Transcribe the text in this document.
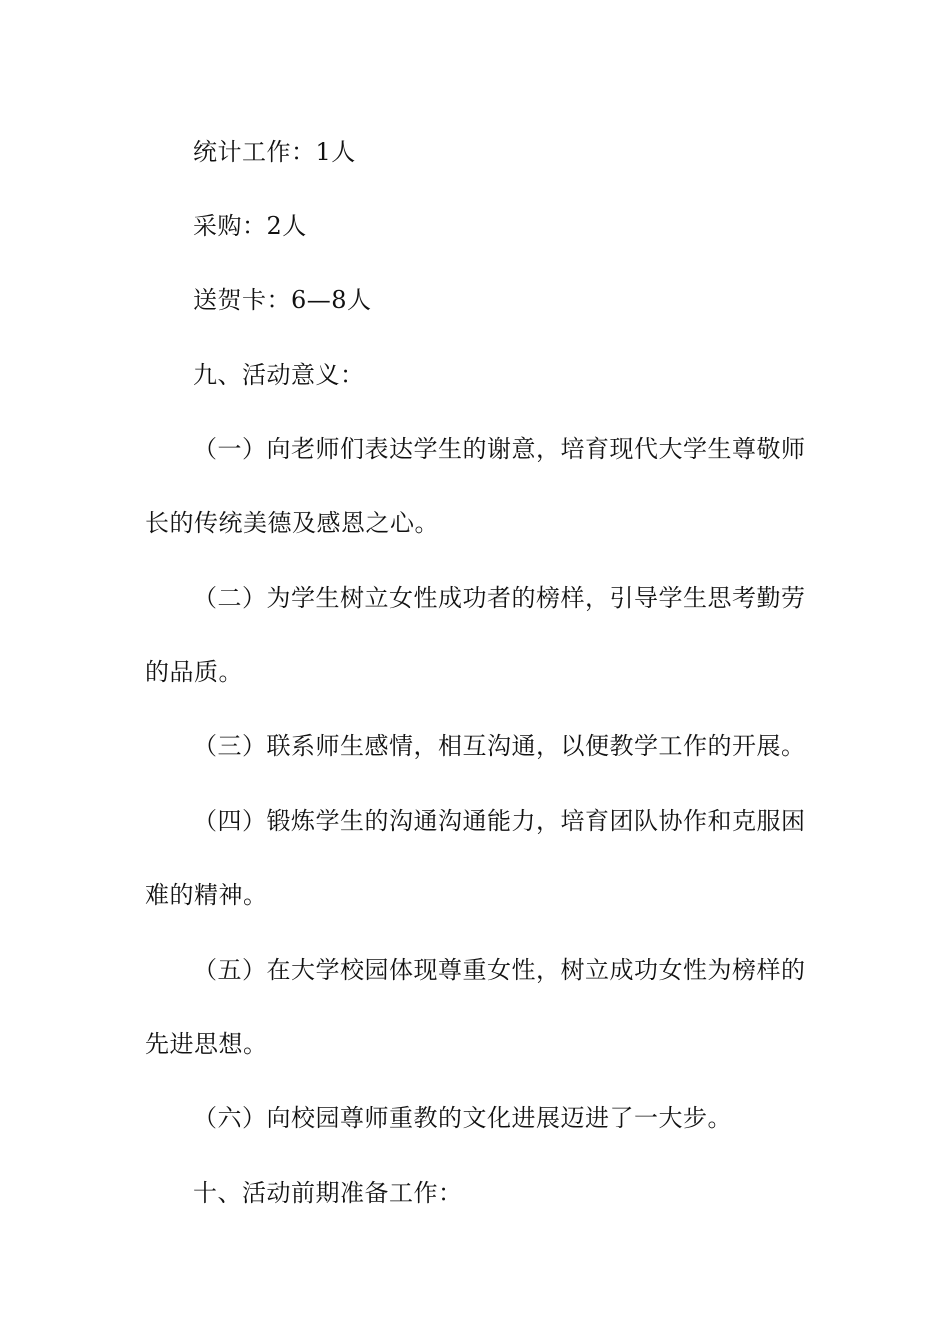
统计工作：1人

采购：2人

送贺卡：6—8人

九、活动意义：

（一）向老师们表达学生的谢意，培育现代大学生尊敬师

长的传统美德及感恩之心。

（二）为学生树立女性成功者的榜样，引导学生思考勤劳

的品质。

（三）联系师生感情，相互沟通，以便教学工作的开展。

（四）锻炼学生的沟通沟通能力，培育团队协作和克服困

难的精神。

（五）在大学校园体现尊重女性，树立成功女性为榜样的

先进思想。

（六）向校园尊师重教的文化进展迈进了一大步。

十、活动前期准备工作：
